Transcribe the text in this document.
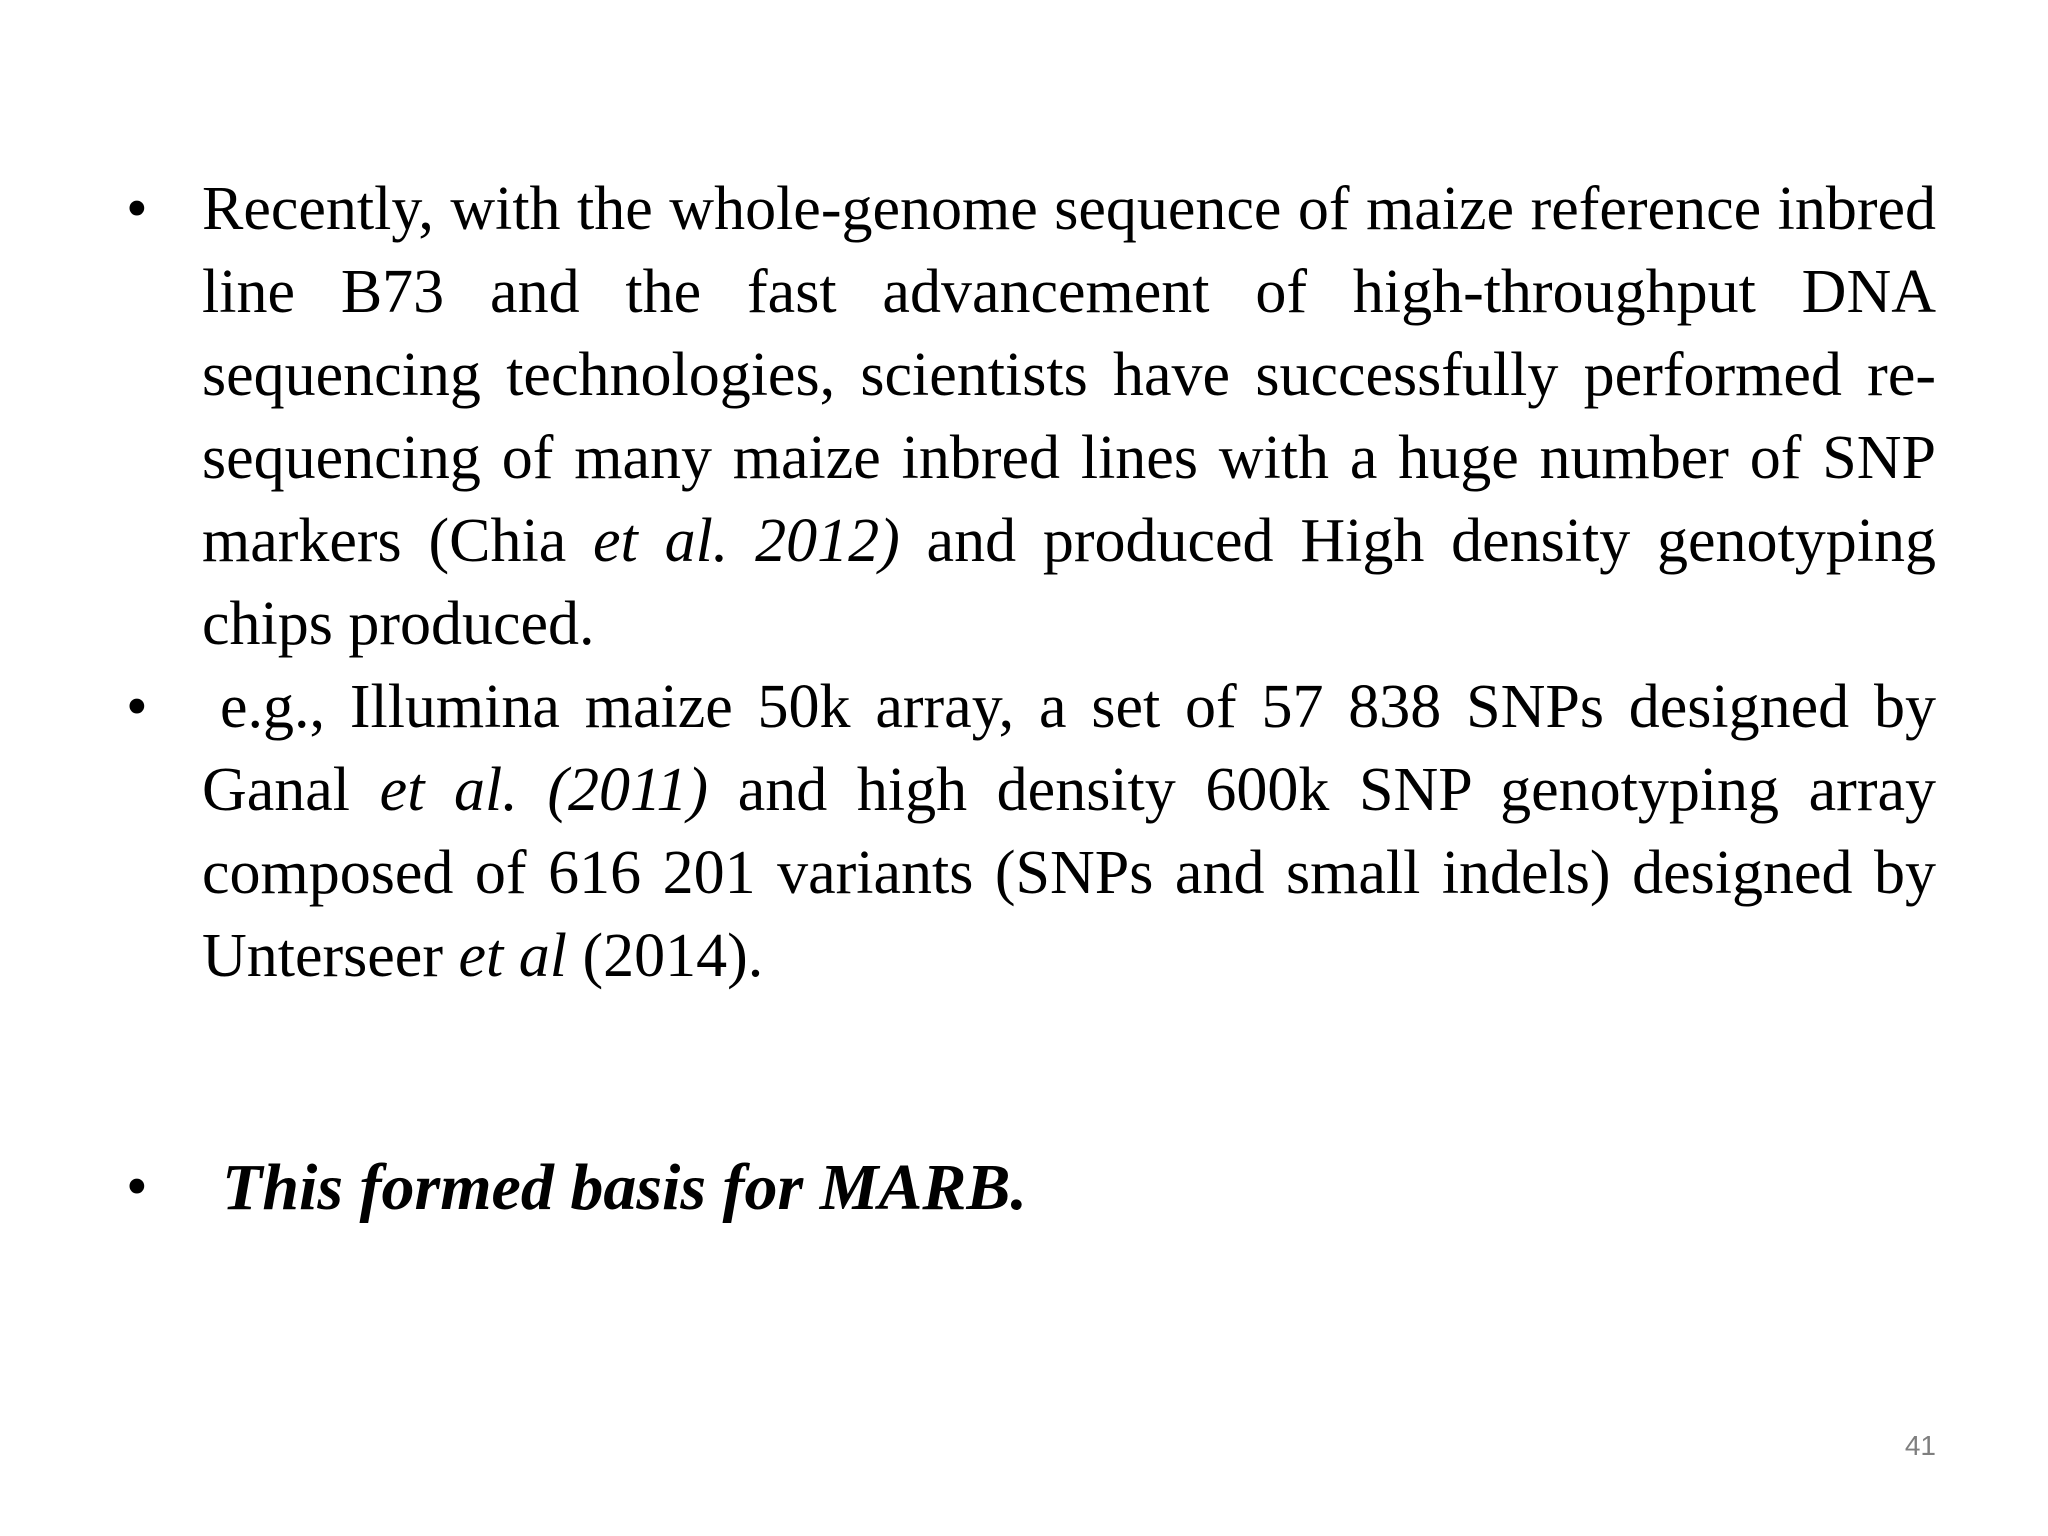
• Recently, with the whole-genome sequence of maize reference inbred line B73 and the fast advancement of high-throughput DNA sequencing technologies, scientists have successfully performed re-sequencing of many maize inbred lines with a huge number of SNP markers (Chia et al. 2012) and produced High density genotyping chips produced.
• e.g., Illumina maize 50k array, a set of 57 838 SNPs designed by Ganal et al. (2011) and high density 600k SNP genotyping array composed of 616 201 variants (SNPs and small indels) designed by Unterseer et al (2014).
• This formed basis for MARB.
41
